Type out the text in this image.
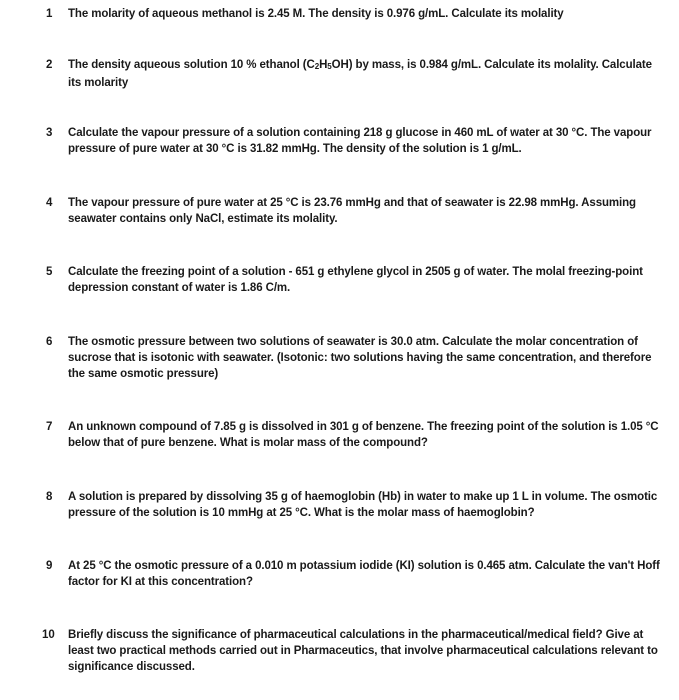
1 The molarity of aqueous methanol is 2.45 M. The density is 0.976 g/mL. Calculate its molality
2 The density aqueous solution 10 % ethanol (C2H5OH) by mass, is 0.984 g/mL. Calculate its molality. Calculate its molarity
3 Calculate the vapour pressure of a solution containing 218 g glucose in 460 mL of water at 30 °C. The vapour pressure of pure water at 30 °C is 31.82 mmHg. The density of the solution is 1 g/mL.
4 The vapour pressure of pure water at 25 °C is 23.76 mmHg and that of seawater is 22.98 mmHg. Assuming seawater contains only NaCl, estimate its molality.
5 Calculate the freezing point of a solution - 651 g ethylene glycol in 2505 g of water. The molal freezing-point depression constant of water is 1.86 C/m.
6 The osmotic pressure between two solutions of seawater is 30.0 atm. Calculate the molar concentration of sucrose that is isotonic with seawater. (Isotonic: two solutions having the same concentration, and therefore the same osmotic pressure)
7 An unknown compound of 7.85 g is dissolved in 301 g of benzene. The freezing point of the solution is 1.05 °C below that of pure benzene. What is molar mass of the compound?
8 A solution is prepared by dissolving 35 g of haemoglobin (Hb) in water to make up 1 L in volume. The osmotic pressure of the solution is 10 mmHg at 25 °C. What is the molar mass of haemoglobin?
9 At 25 °C the osmotic pressure of a 0.010 m potassium iodide (KI) solution is 0.465 atm. Calculate the van't Hoff factor for KI at this concentration?
10 Briefly discuss the significance of pharmaceutical calculations in the pharmaceutical/medical field? Give at least two practical methods carried out in Pharmaceutics, that involve pharmaceutical calculations relevant to significance discussed.
